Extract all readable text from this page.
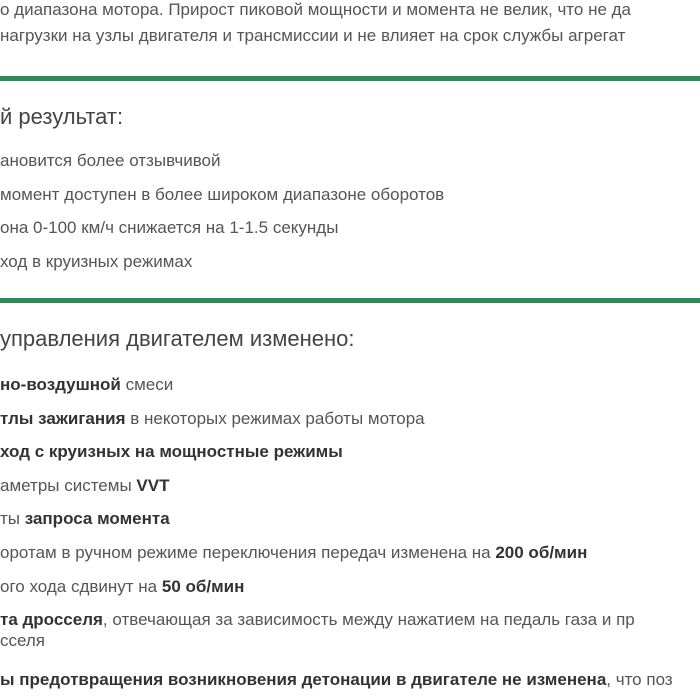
о диапазона мотора. Прирост пиковой мощности и момента не велик, что не да
нагрузки на узлы двигателя и трансмиссии и не влияет на срок службы агрегат
й результат:
ановится более отзывчивой
момент доступен в более широком диапазоне оборотов
она 0-100 км/ч снижается на 1-1.5 секунды
ход в круизных режимах
управления двигателем изменено:
но-воздушной смеси
тлы зажигания в некоторых режимах работы мотора
ход с круизных на мощностные режимы
аметры системы VVT
ты запроса момента
оротам в ручном режиме переключения передач изменена на 200 об/мин
ого хода сдвинут на 50 об/мин
та дросселя, отвечающая за зависимость между нажатием на педаль газа и пр
сселя
ы предотвращения возникновения детонации в двигателе не изменена, что поз
